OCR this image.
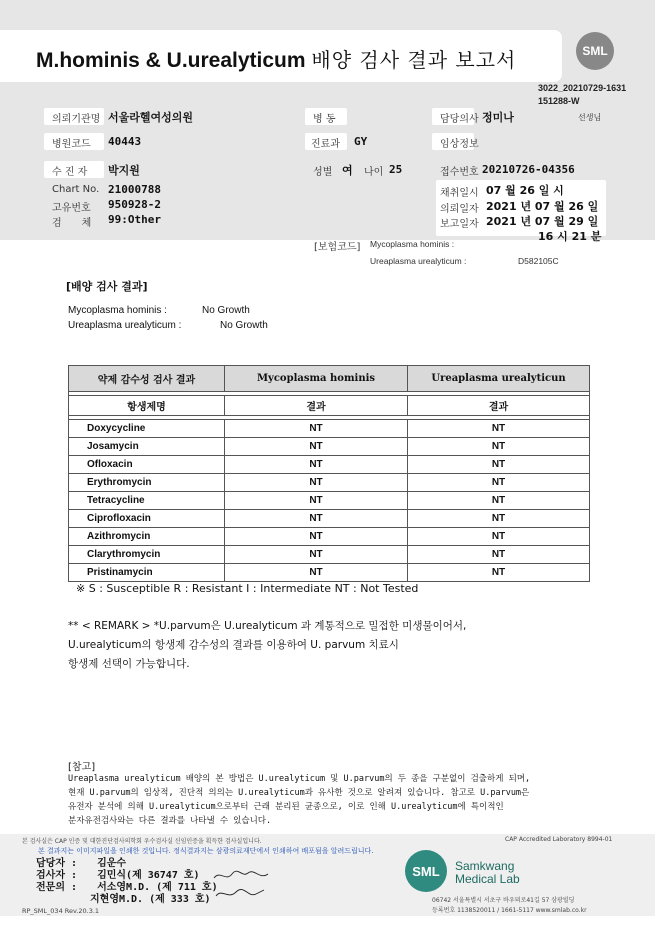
M.hominis & U.urealyticum 배양 검사 결과 보고서	SML
3022_20210729-1631
151288-W
의뢰기관명 서울라헬여성의원	병 동	담당의사 정미나	선생님
병원코드 40443	진료과 GY	임상정보
수 진 자 박지원	성별 여 나이 25	접수번호 20210726-04356
Chart No. 21000788
고유번호 950928-2
검　　체 99:Other
채취일시 07 월 26 일 시
의뢰일자 2021 년 07 월 26 일
보고일자 2021 년 07 월 29 일
16 시 21 분
[보험코드] Mycoplasma hominis :
Ureaplasma urealyticum :	D582105C
[배양 검사 결과]
Mycoplasma hominis :	No Growth
Ureaplasma urealyticum :	No Growth
약제 감수성 검사 결과	Mycoplasma hominis	Ureaplasma urealyticun

항생제명	결과	결과

Doxycycline	NT	NT
Josamycin	NT	NT
Ofloxacin	NT	NT
Erythromycin	NT	NT
Tetracycline	NT	NT
Ciprofloxacin	NT	NT
Azithromycin	NT	NT
Clarythromycin	NT	NT
Pristinamycin	NT	NT
※ S : Susceptible R : Resistant I : Intermediate NT : Not Tested
** < REMARK > *U.parvum은 U.urealyticum 과 계통적으로 밀접한 미생물이어서,
U.urealyticum의 항생제 감수성의 결과를 이용하여 U. parvum 치료시
항생제 선택이 가능합니다.
[참고]
Ureaplasma urealyticum 배양의 본 방법은 U.urealyticum 및 U.parvum의 두 종을 구분없이 검출하게 되며,
현재 U.parvum의 임상적, 진단적 의의는 U.urealyticum과 유사한 것으로 알려져 있습니다. 참고로 U.parvum은
유전자 분석에 의해 U.urealyticum으로부터 근래 분리된 균종으로, 이로 인해 U.urealyticum에 특이적인
분자유전검사와는 다른 결과를 나타낼 수 있습니다.
본 검사실은 CAP 인증 및 대한진단검사의학회 우수검사실 신임인증을 획득한 검사실입니다.	CAP Accredited Laboratory 8994-01
본 결과지는 이미지파일을 인쇄한 것입니다. 정식결과지는 삼광의료재단에서 인쇄하여 배포됨을 알려드립니다.
담당자 : 김운수
검사자 : 김민식(제 36747 호)
전문의 : 서소영M.D. (제 711 호)
지현영M.D. (제 333 호)
SML	Samkwang
Medical Lab
06742 서울특별시 서초구 바우뫼로41길 57 삼광빌딩
등록번호 1138520011 / 1661-5117 www.smlab.co.kr
RP_SML_034 Rev.20.3.1
